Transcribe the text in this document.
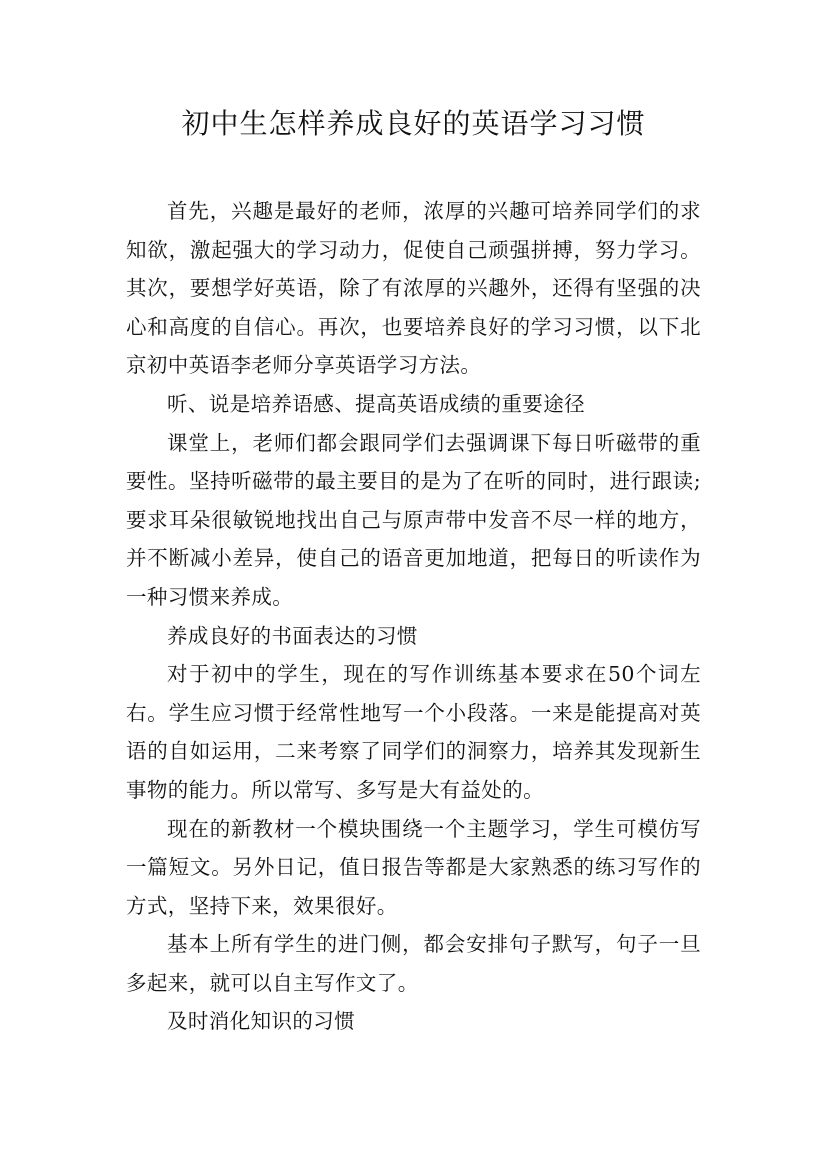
初中生怎样养成良好的英语学习习惯

首先，兴趣是最好的老师，浓厚的兴趣可培养同学们的求知欲，激起强大的学习动力，促使自己顽强拼搏，努力学习。其次，要想学好英语，除了有浓厚的兴趣外，还得有坚强的决心和高度的自信心。再次，也要培养良好的学习习惯，以下北京初中英语李老师分享英语学习方法。

听、说是培养语感、提高英语成绩的重要途径

课堂上，老师们都会跟同学们去强调课下每日听磁带的重要性。坚持听磁带的最主要目的是为了在听的同时，进行跟读;要求耳朵很敏锐地找出自己与原声带中发音不尽一样的地方，并不断减小差异，使自己的语音更加地道，把每日的听读作为一种习惯来养成。

养成良好的书面表达的习惯

对于初中的学生，现在的写作训练基本要求在50个词左右。学生应习惯于经常性地写一个小段落。一来是能提高对英语的自如运用，二来考察了同学们的洞察力，培养其发现新生事物的能力。所以常写、多写是大有益处的。

现在的新教材一个模块围绕一个主题学习，学生可模仿写一篇短文。另外日记，值日报告等都是大家熟悉的练习写作的方式，坚持下来，效果很好。

基本上所有学生的进门侧，都会安排句子默写，句子一旦多起来，就可以自主写作文了。

及时消化知识的习惯
